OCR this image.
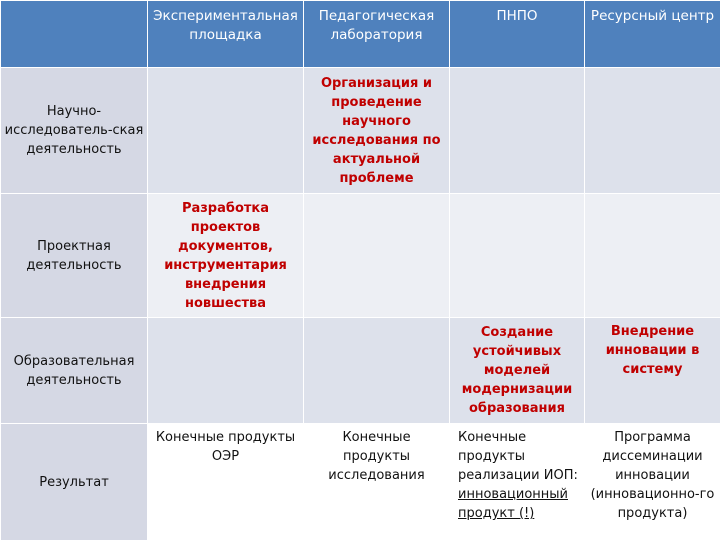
	Экспериментальная площадка	Педагогическая лаборатория	ПНПО	Ресурсный центр
Научно-исследователь-ская деятельность		Организация и проведение научного исследования по актуальной проблеме		
Проектная деятельность	Разработка проектов документов, инструментария внедрения новшества			
Образовательная деятельность			Создание устойчивых моделей модернизации образования	Внедрение инновации в систему
Результат	Конечные продукты ОЭР	Конечные продукты исследования	Конечные продукты реализации ИОП: инновационный продукт (!)	Программа диссеминации инновации (инновационно-го продукта)
